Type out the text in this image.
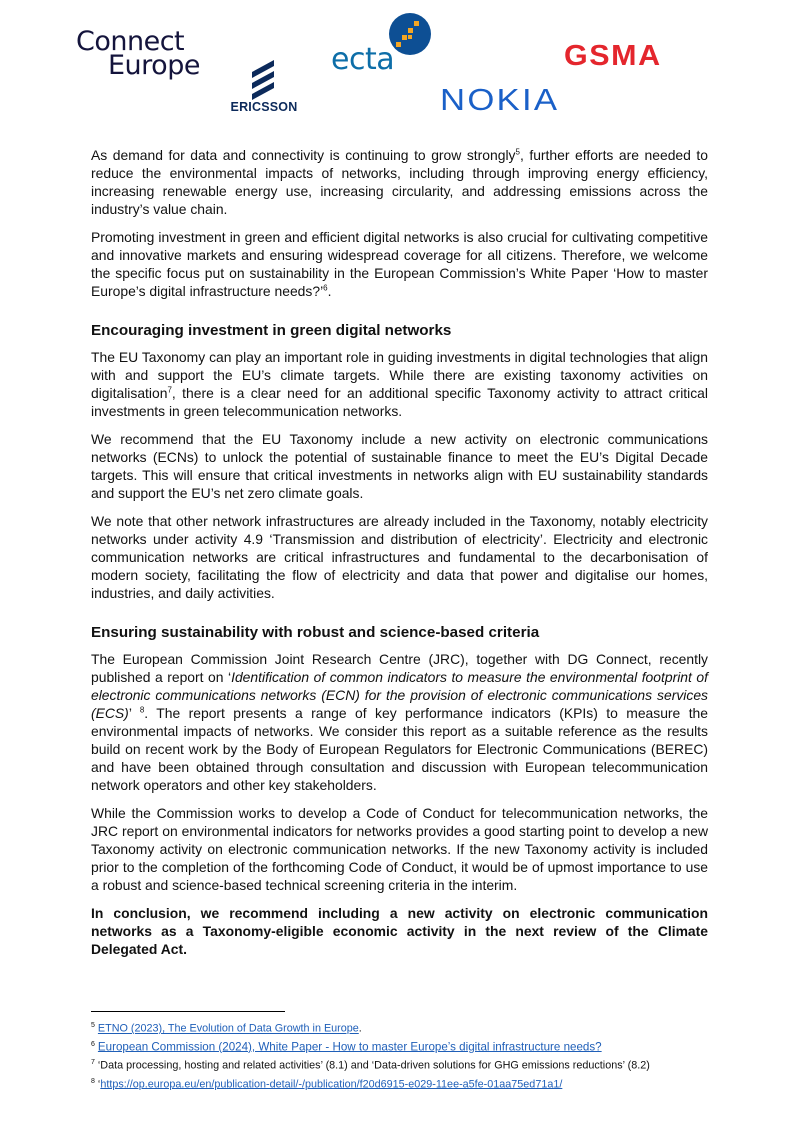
Connect
Europe
ERICSSON
ecta
NOKIA
GSMA

As demand for data and connectivity is continuing to grow strongly$^5$, further efforts are needed to reduce the environmental impacts of networks, including through improving energy efficiency, increasing renewable energy use, increasing circularity, and addressing emissions across the industry’s value chain.

Promoting investment in green and efficient digital networks is also crucial for cultivating competitive and innovative markets and ensuring widespread coverage for all citizens. Therefore, we welcome the specific focus put on sustainability in the European Commission’s White Paper ‘How to master Europe’s digital infrastructure needs?’$^6$.

Encouraging investment in green digital networks

The EU Taxonomy can play an important role in guiding investments in digital technologies that align with and support the EU’s climate targets. While there are existing taxonomy activities on digitalisation$^7$, there is a clear need for an additional specific Taxonomy activity to attract critical investments in green telecommunication networks.

We recommend that the EU Taxonomy include a new activity on electronic communications networks (ECNs) to unlock the potential of sustainable finance to meet the EU’s Digital Decade targets. This will ensure that critical investments in networks align with EU sustainability standards and support the EU’s net zero climate goals.

We note that other network infrastructures are already included in the Taxonomy, notably electricity networks under activity 4.9 ‘Transmission and distribution of electricity’. Electricity and electronic communication networks are critical infrastructures and fundamental to the decarbonisation of modern society, facilitating the flow of electricity and data that power and digitalise our homes, industries, and daily activities.

Ensuring sustainability with robust and science-based criteria

The European Commission Joint Research Centre (JRC), together with DG Connect, recently published a report on ‘Identification of common indicators to measure the environmental footprint of electronic communications networks (ECN) for the provision of electronic communications services (ECS)’ $^8$. The report presents a range of key performance indicators (KPIs) to measure the environmental impacts of networks. We consider this report as a suitable reference as the results build on recent work by the Body of European Regulators for Electronic Communications (BEREC) and have been obtained through consultation and discussion with European telecommunication network operators and other key stakeholders.

While the Commission works to develop a Code of Conduct for telecommunication networks, the JRC report on environmental indicators for networks provides a good starting point to develop a new Taxonomy activity on electronic communication networks. If the new Taxonomy activity is included prior to the completion of the forthcoming Code of Conduct, it would be of upmost importance to use a robust and science-based technical screening criteria in the interim.

In conclusion, we recommend including a new activity on electronic communication networks as a Taxonomy-eligible economic activity in the next review of the Climate Delegated Act.

$^5$ ETNO (2023), The Evolution of Data Growth in Europe.
$^6$ European Commission (2024), White Paper - How to master Europe’s digital infrastructure needs?
$^7$ ‘Data processing, hosting and related activities’ (8.1) and ‘Data-driven solutions for GHG emissions reductions’ (8.2)
$^8$ ‘https://op.europa.eu/en/publication-detail/-/publication/f20d6915-e029-11ee-a5fe-01aa75ed71a1/
